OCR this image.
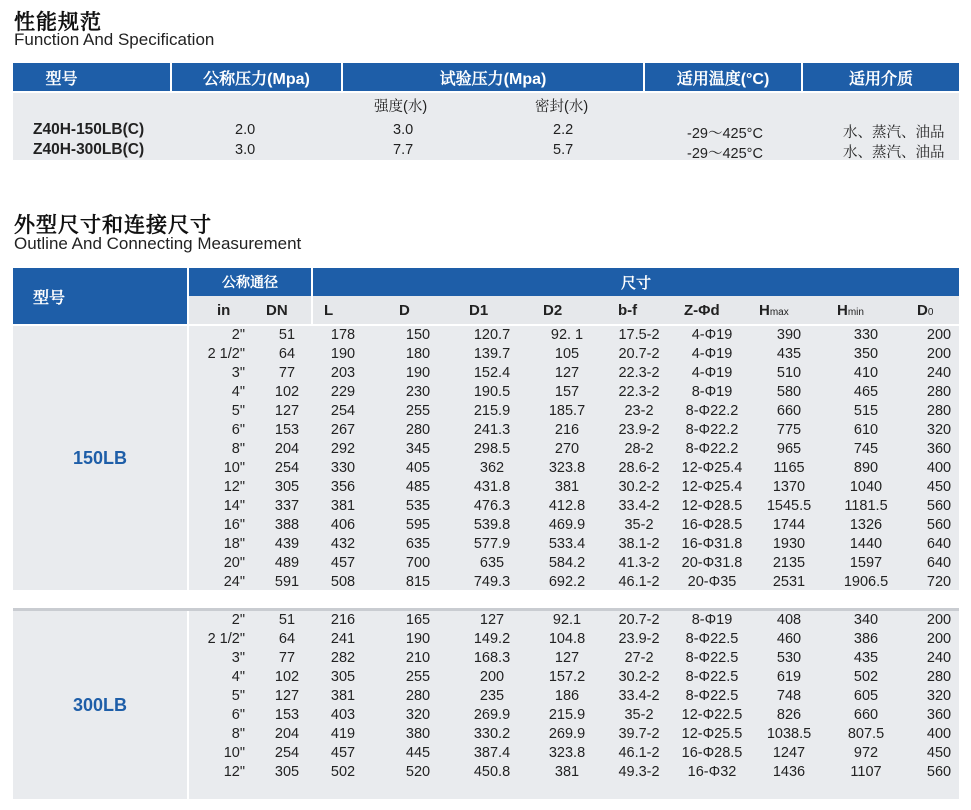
性能规范
Function And Specification
型号	公称压力(Mpa)	试验压力(Mpa)	适用温度(°C)	适用介质
强度(水)	密封(水)
Z40H-150LB(C)	2.0	3.0	2.2	-29～425°C	水、蒸汽、油品
Z40H-300LB(C)	3.0	7.7	5.7	-29～425°C	水、蒸汽、油品
外型尺寸和连接尺寸
Outline And Connecting Measurement
型号
公称通径	尺寸
in DN L	D	D1	D2	b-f	Z-Φd	Hmax	Hmin	D0
150LB
2"	51	178	150	120.7	92. 1	17.5-2	4-Φ19	390	330	200
2 1/2"	64	190	180	139.7	105	20.7-2	4-Φ19	435	350	200
3"	77	203	190	152.4	127	22.3-2	4-Φ19	510	410	240
4"	102	229	230	190.5	157	22.3-2	8-Φ19	580	465	280
5"	127	254	255	215.9	185.7	23-2	8-Φ22.2	660	515	280
6"	153	267	280	241.3	216	23.9-2	8-Φ22.2	775	610	320
8"	204	292	345	298.5	270	28-2	8-Φ22.2	965	745	360
10"	254	330	405	362	323.8	28.6-2	12-Φ25.4	1165	890	400
12"	305	356	485	431.8	381	30.2-2	12-Φ25.4	1370	1040	450
14"	337	381	535	476.3	412.8	33.4-2	12-Φ28.5	1545.5	1181.5	560
16"	388	406	595	539.8	469.9	35-2	16-Φ28.5	1744	1326	560
18"	439	432	635	577.9	533.4	38.1-2	16-Φ31.8	1930	1440	640
20"	489	457	700	635	584.2	41.3-2	20-Φ31.8	2135	1597	640
24"	591	508	815	749.3	692.2	46.1-2	20-Φ35	2531	1906.5	720
300LB
2"	51	216	165	127	92.1	20.7-2	8-Φ19	408	340	200
2 1/2"	64	241	190	149.2	104.8	23.9-2	8-Φ22.5	460	386	200
3"	77	282	210	168.3	127	27-2	8-Φ22.5	530	435	240
4"	102	305	255	200	157.2	30.2-2	8-Φ22.5	619	502	280
5"	127	381	280	235	186	33.4-2	8-Φ22.5	748	605	320
6"	153	403	320	269.9	215.9	35-2	12-Φ22.5	826	660	360
8"	204	419	380	330.2	269.9	39.7-2	12-Φ25.5	1038.5	807.5	400
10"	254	457	445	387.4	323.8	46.1-2	16-Φ28.5	1247	972	450
12"	305	502	520	450.8	381	49.3-2	16-Φ32	1436	1107	560
